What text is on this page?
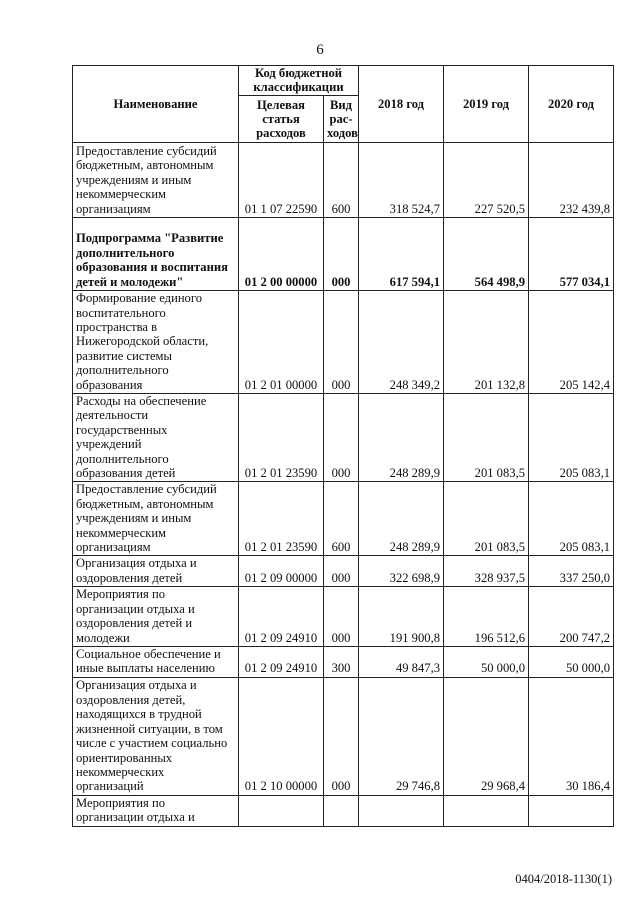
6
Наименование	Код бюджетной классификации		2018 год	2019 год	2020 год
	Целевая статья расходов	Вид рас-ходов			
Предоставление субсидий бюджетным, автономным учреждениям и иным некоммерческим организациям	01 1 07 22590	600	318 524,7	227 520,5	232 439,8
Подпрограмма "Развитие дополнительного образования и воспитания детей и молодежи"	01 2 00 00000	000	617 594,1	564 498,9	577 034,1
Формирование единого воспитательного пространства в Нижегородской области, развитие системы дополнительного образования	01 2 01 00000	000	248 349,2	201 132,8	205 142,4
Расходы на обеспечение деятельности государственных учреждений дополнительного образования детей	01 2 01 23590	000	248 289,9	201 083,5	205 083,1
Предоставление субсидий бюджетным, автономным учреждениям и иным некоммерческим организациям	01 2 01 23590	600	248 289,9	201 083,5	205 083,1
Организация отдыха и оздоровления детей	01 2 09 00000	000	322 698,9	328 937,5	337 250,0
Мероприятия по организации отдыха и оздоровления детей и молодежи	01 2 09 24910	000	191 900,8	196 512,6	200 747,2
Социальное обеспечение и иные выплаты населению	01 2 09 24910	300	49 847,3	50 000,0	50 000,0
Организация отдыха и оздоровления детей, находящихся в трудной жизненной ситуации, в том числе с участием социально ориентированных некоммерческих организаций	01 2 10 00000	000	29 746,8	29 968,4	30 186,4
Мероприятия по организации отдыха и					
0404/2018-1130(1)
